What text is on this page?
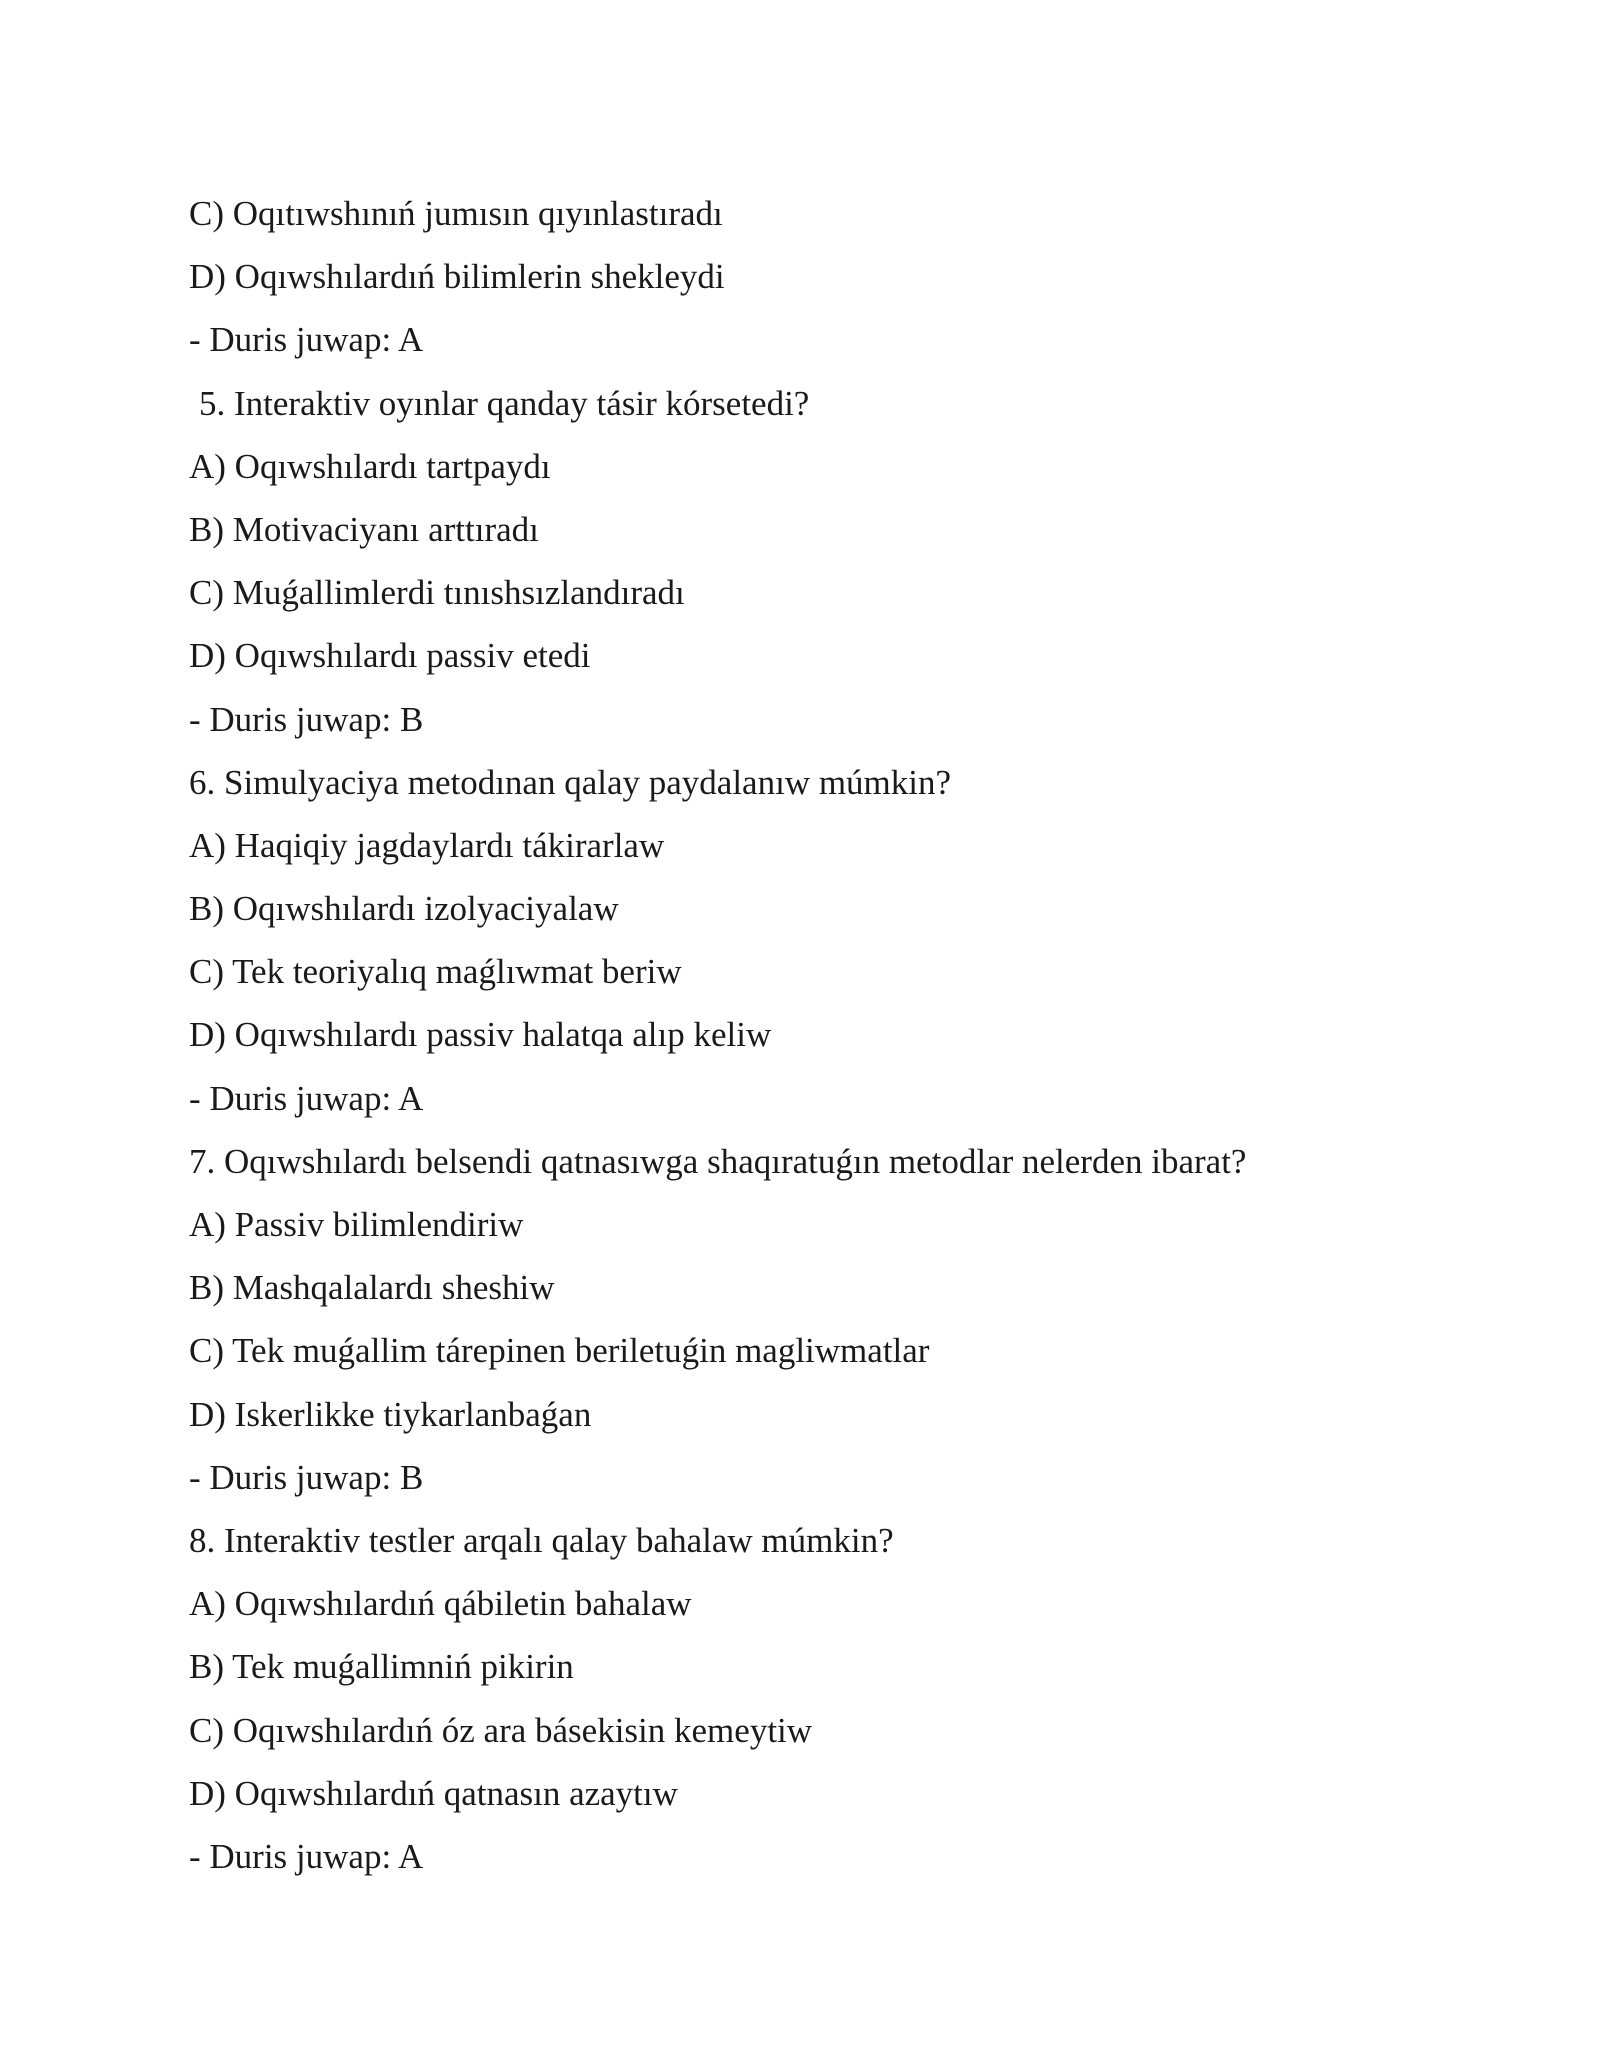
C) Oqıtıwshınıń jumısın qıyınlastıradı
D) Oqıwshılardıń bilimlerin shekleydi
- Duris juwap: A
5. Interaktiv oyınlar qanday tásir kórsetedi?
A) Oqıwshılardı tartpaydı
B) Motivaciyanı arttıradı
C) Muǵallimlerdi tınıshsızlandıradı
D) Oqıwshılardı passiv etedi
- Duris juwap: B
6. Simulyaciya metodınan qalay paydalanıw múmkin?
A) Haqiqiy jagdaylardı tákirarlaw
B) Oqıwshılardı izolyaciyalaw
C) Tek teoriyalıq maǵlıwmat beriw
D) Oqıwshılardı passiv halatqa alıp keliw
- Duris juwap: A
7. Oqıwshılardı belsendi qatnasıwga shaqıratuǵın metodlar nelerden ibarat?
A) Passiv bilimlendiriw
B) Mashqalalardı sheshiw
C) Tek muǵallim tárepinen beriletuǵin magliwmatlar
D) Iskerlikke tiykarlanbaǵan
- Duris juwap: B
8. Interaktiv testler arqalı qalay bahalaw múmkin?
A) Oqıwshılardıń qábiletin bahalaw
B) Tek muǵallimniń pikirin
C) Oqıwshılardıń óz ara básekisin kemeytiw
D) Oqıwshılardıń qatnasın azaytıw
- Duris juwap: A
